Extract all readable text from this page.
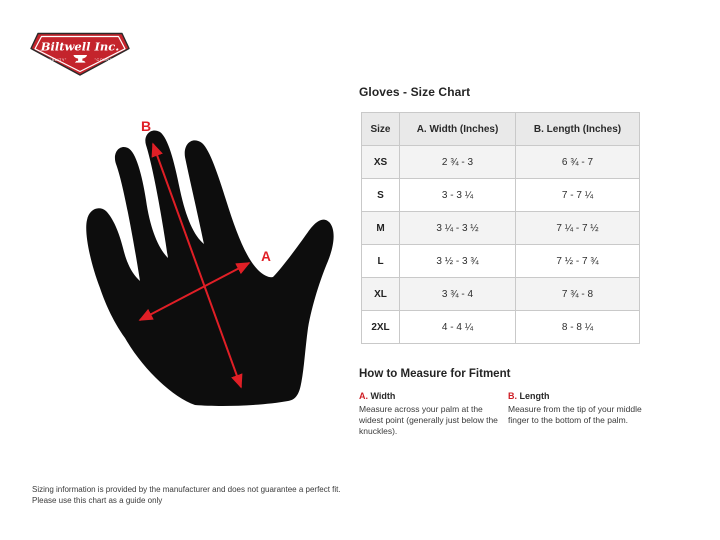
Biltwell Inc.
"QUALITY"	"COUNTS"
B
A
Gloves - Size Chart
Size	A. Width (Inches)	B. Length (Inches)
XS	2 ¾ - 3	6 ¾ - 7
S	3 - 3 ¼	7 - 7 ¼
M	3 ¼ - 3 ½	7 ¼ - 7 ½
L	3 ½ - 3 ¾	7 ½ - 7 ¾
XL	3 ¾ - 4	7 ¾ - 8
2XL	4 - 4 ¼	8 - 8 ¼
How to Measure for Fitment

A. Width

Measure across your palm at the widest point (generally just below the knuckles).

B. Length

Measure from the tip of your middle finger to the bottom of the palm.

Sizing information is provided by the manufacturer and does not guarantee a perfect fit.
Please use this chart as a guide only
